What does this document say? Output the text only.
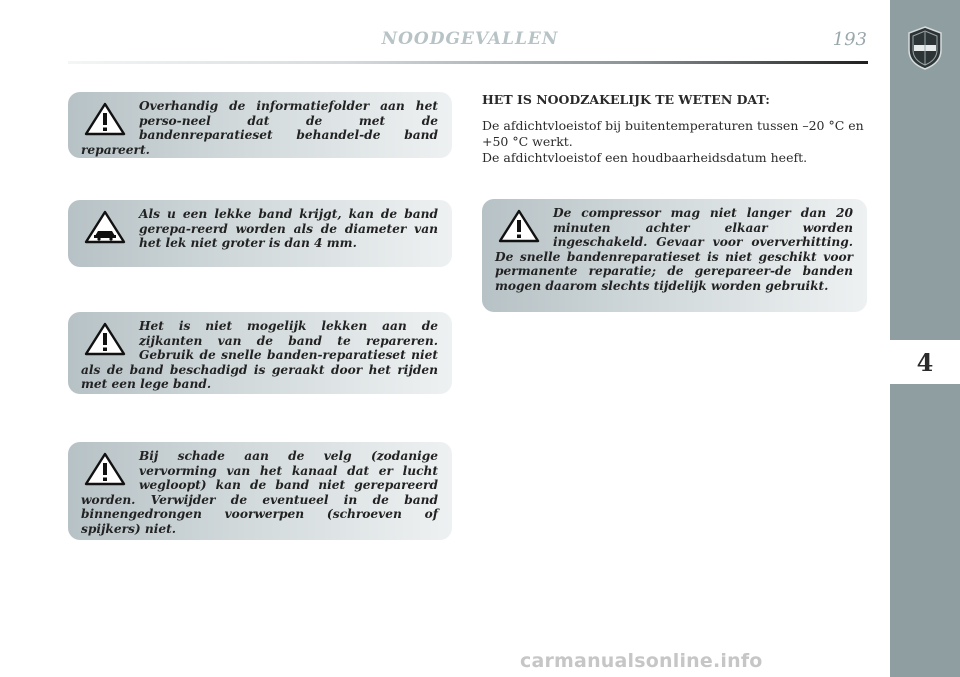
NOODGEVALLEN	193
4
Overhandig de informatiefolder aan het perso-neel dat de met de bandenreparatieset behandel-de band repareert.
Als u een lekke band krijgt, kan de band gerepa-reerd worden als de diameter van het lek niet groter is dan 4 mm.
Het is niet mogelijk lekken aan de zijkanten van de band te repareren. Gebruik de snelle banden-reparatieset niet als de band beschadigd is geraakt door het rijden met een lege band.
Bij schade aan de velg (zodanige vervorming van het kanaal dat er lucht wegloopt) kan de band niet gerepareerd worden. Verwijder de eventueel in de band binnengedrongen voorwerpen (schroeven of spijkers) niet.
HET IS NOODZAKELIJK TE WETEN DAT:

De afdichtvloeistof bij buitentemperaturen tussen –20 °C en +50 °C werkt.

De afdichtvloeistof een houdbaarheidsdatum heeft.

De compressor mag niet langer dan 20 minuten achter elkaar worden ingeschakeld. Gevaar voor oververhitting. De snelle bandenreparatieset is niet geschikt voor permanente reparatie; de gerepareer-de banden mogen daarom slechts tijdelijk worden gebruikt.
carmanualsonline.info
